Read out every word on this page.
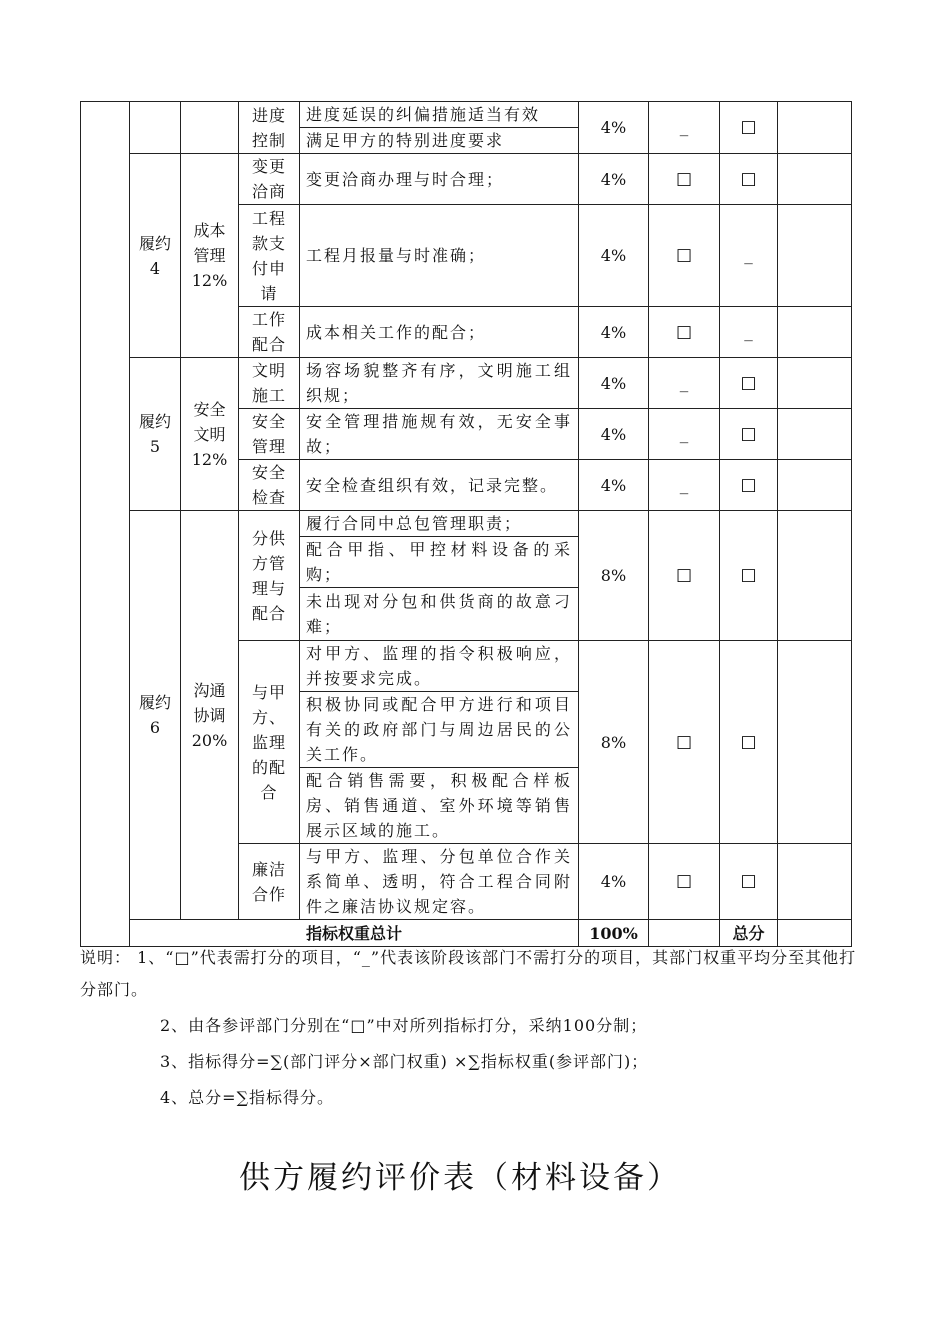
			进度控制	进度延误的纠偏措施适当有效	4%	_	□	
				满足甲方的特别进度要求				
	履约4	成本管理12%	变更洽商	变更洽商办理与时合理；	4%	□	□	
			工程款支付申请	工程月报量与时准确；	4%	□	_	
			工作配合	成本相关工作的配合；	4%	□	_	
	履约5	安全文明12%	文明施工	场容场貌整齐有序，文明施工组织规；	4%	_	□	
			安全管理	安全管理措施规有效，无安全事故；	4%	_	□	
			安全检查	安全检查组织有效，记录完整。	4%	_	□	
	履约6	沟通协调20%	分供方管理与配合	履行合同中总包管理职责；	8%	□	□	
				配合甲指、甲控材料设备的采购；				
				未出现对分包和供货商的故意刁难；				
			与甲方、监理的配合	对甲方、监理的指令积极响应，并按要求完成。	8%	□	□	
				积极协同或配合甲方进行和项目有关的政府部门与周边居民的公关工作。				
				配合销售需要，积极配合样板房、销售通道、室外环境等销售展示区域的施工。				
			廉洁合作	与甲方、监理、分包单位合作关系简单、透明，符合工程合同附件之廉洁协议规定容。	4%	□	□	
	指标权重总计				100%		总分	

说明： 1、“□”代表需打分的项目，“_”代表该阶段该部门不需打分的项目，其部门权重平均分至其他打分部门。

2、由各参评部门分别在“□”中对所列指标打分，采纳100分制；

3、指标得分=∑(部门评分×部门权重) ×∑指标权重(参评部门)；

4、总分=∑指标得分。

供方履约评价表（材料设备）
